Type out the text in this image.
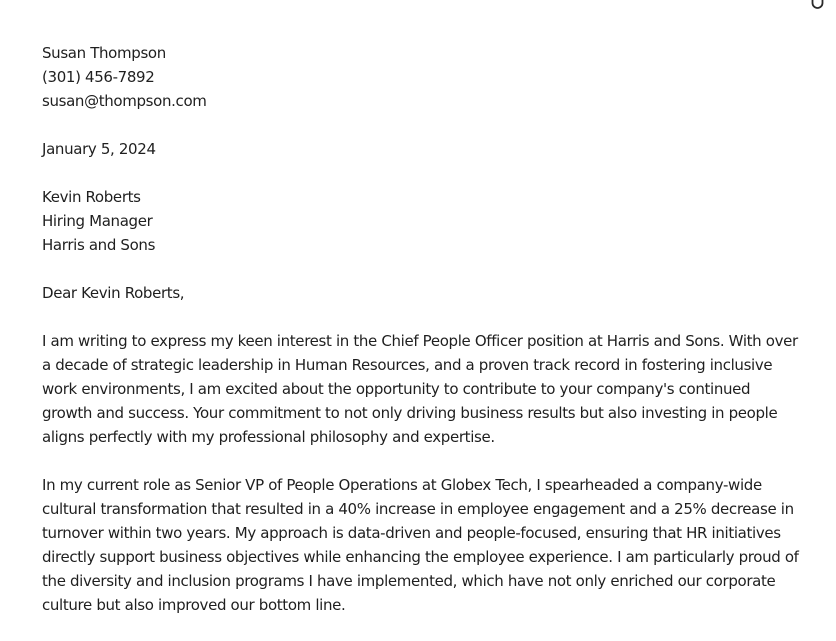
Susan Thompson
(301) 456-7892
susan@thompson.com
January 5, 2024
Kevin Roberts
Hiring Manager
Harris and Sons
Dear Kevin Roberts,

I am writing to express my keen interest in the Chief People Officer position at Harris and Sons. With over a decade of strategic leadership in Human Resources, and a proven track record in fostering inclusive work environments, I am excited about the opportunity to contribute to your company's continued growth and success. Your commitment to not only driving business results but also investing in people aligns perfectly with my professional philosophy and expertise.

In my current role as Senior VP of People Operations at Globex Tech, I spearheaded a company-wide cultural transformation that resulted in a 40% increase in employee engagement and a 25% decrease in turnover within two years. My approach is data-driven and people-focused, ensuring that HR initiatives directly support business objectives while enhancing the employee experience. I am particularly proud of the diversity and inclusion programs I have implemented, which have not only enriched our corporate culture but also improved our bottom line.
